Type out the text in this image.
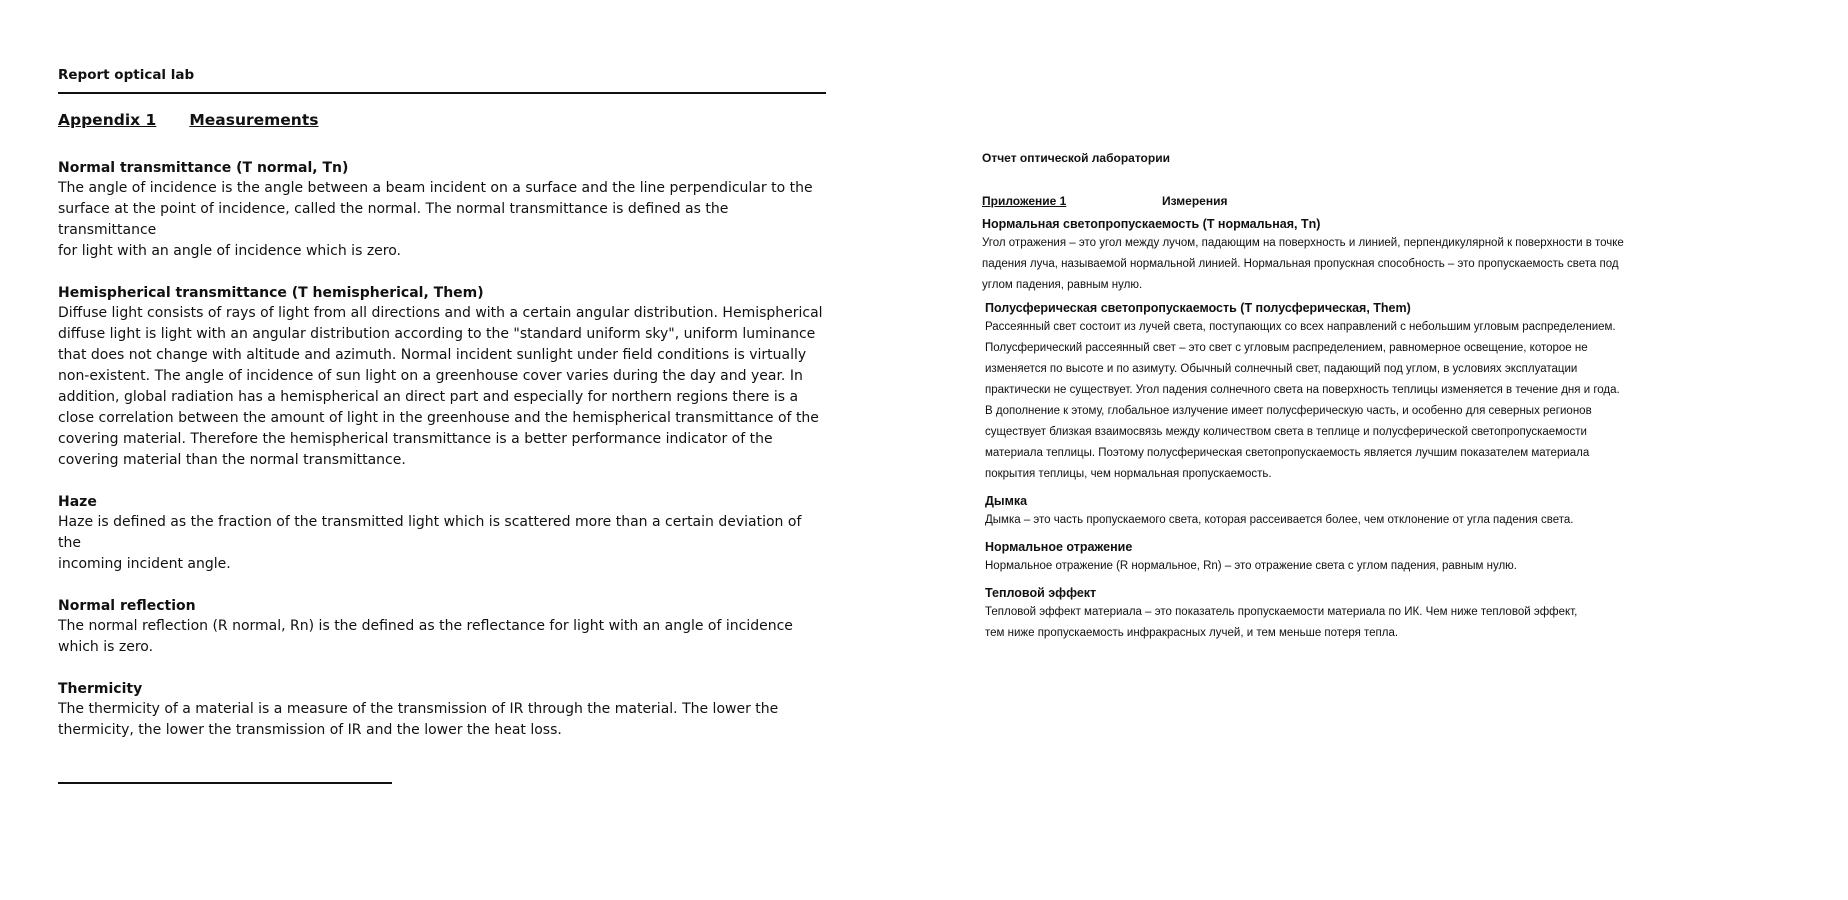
Report optical lab

Appendix 1 Measurements

Normal transmittance (T normal, Tn)

The angle of incidence is the angle between a beam incident on a surface and the line perpendicular to the
surface at the point of incidence, called the normal. The normal transmittance is defined as the transmittance
for light with an angle of incidence which is zero.

Hemispherical transmittance (T hemispherical, Them)

Diffuse light consists of rays of light from all directions and with a certain angular distribution. Hemispherical
diffuse light is light with an angular distribution according to the "standard uniform sky", uniform luminance
that does not change with altitude and azimuth. Normal incident sunlight under field conditions is virtually
non-existent. The angle of incidence of sun light on a greenhouse cover varies during the day and year. In
addition, global radiation has a hemispherical an direct part and especially for northern regions there is a
close correlation between the amount of light in the greenhouse and the hemispherical transmittance of the
covering material. Therefore the hemispherical transmittance is a better performance indicator of the
covering material than the normal transmittance.

Haze

Haze is defined as the fraction of the transmitted light which is scattered more than a certain deviation of the
incoming incident angle.

Normal reflection

The normal reflection (R normal, Rn) is the defined as the reflectance for light with an angle of incidence
which is zero.

Thermicity

The thermicity of a material is a measure of the transmission of IR through the material. The lower the
thermicity, the lower the transmission of IR and the lower the heat loss.

Отчет оптической лаборатории

Приложение 1	Измерения

Нормальная светопропускаемость (T нормальная, Tn)

Угол отражения – это угол между лучом, падающим на поверхность и линией, перпендикулярной к поверхности в точке
падения луча, называемой нормальной линией. Нормальная пропускная способность – это пропускаемость света под
углом падения, равным нулю.

Полусферическая светопропускаемость (T полусферическая, Them)

Рассеянный свет состоит из лучей света, поступающих со всех направлений с небольшим угловым распределением.
Полусферический рассеянный свет – это свет с угловым распределением, равномерное освещение, которое не
изменяется по высоте и по азимуту. Обычный солнечный свет, падающий под углом, в условиях эксплуатации
практически не существует. Угол падения солнечного света на поверхность теплицы изменяется в течение дня и года.
В дополнение к этому, глобальное излучение имеет полусферическую часть, и особенно для северных регионов
существует близкая взаимосвязь между количеством света в теплице и полусферической светопропускаемости
материала теплицы. Поэтому полусферическая светопропускаемость является лучшим показателем материала
покрытия теплицы, чем нормальная пропускаемость.

Дымка

Дымка – это часть пропускаемого света, которая рассеивается более, чем отклонение от угла падения света.

Нормальное отражение

Нормальное отражение (R нормальное, Rn) – это отражение света с углом падения, равным нулю.

Тепловой эффект

Тепловой эффект материала – это показатель пропускаемости материала по ИК. Чем ниже тепловой эффект,
тем ниже пропускаемость инфракрасных лучей, и тем меньше потеря тепла.
